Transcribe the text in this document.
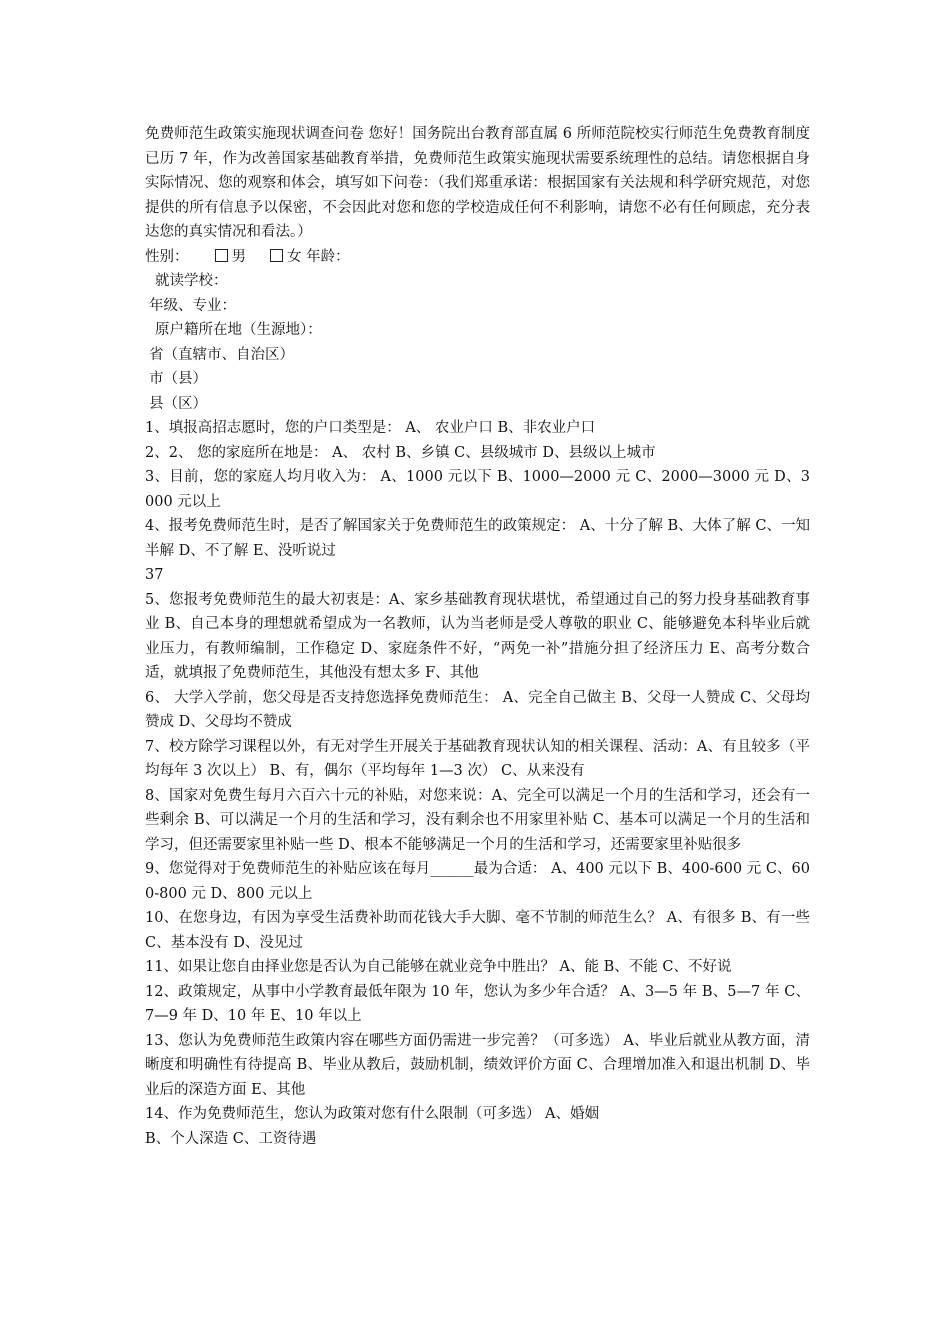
免费师范生政策实施现状调查问卷 您好！国务院出台教育部直属 6 所师范院校实行师范生免费教育制度已历 7 年，作为改善国家基础教育举措，免费师范生政策实施现状需要系统理性的总结。请您根据自身实际情况、您的观察和体会，填写如下问卷：（我们郑重承诺：根据国家有关法规和科学研究规范，对您提供的所有信息予以保密，不会因此对您和您的学校造成任何不利影响，请您不必有任何顾虑，充分表达您的真实情况和看法。）

性别：	男	女 年龄：

就读学校：

年级、专业：

原户籍所在地（生源地）：

省（直辖市、自治区）

市（县）

县（区）

1、填报高招志愿时，您的户口类型是： A、 农业户口 B、非农业户口

2、2、 您的家庭所在地是： A、 农村 B、乡镇 C、县级城市 D、县级以上城市

3、目前，您的家庭人均月收入为： A、1000 元以下 B、1000—2000 元 C、2000—3000 元 D、3000 元以上

4、报考免费师范生时，是否了解国家关于免费师范生的政策规定： A、十分了解 B、大体了解 C、一知半解 D、不了解 E、没听说过

37

5、您报考免费师范生的最大初衷是：A、家乡基础教育现状堪忧，希望通过自己的努力投身基础教育事业 B、自己本身的理想就希望成为一名教师，认为当老师是受人尊敬的职业 C、能够避免本科毕业后就业压力，有教师编制，工作稳定 D、家庭条件不好，“两免一补”措施分担了经济压力 E、高考分数合适，就填报了免费师范生，其他没有想太多 F、其他

6、 大学入学前，您父母是否支持您选择免费师范生： A、完全自己做主 B、父母一人赞成 C、父母均赞成 D、父母均不赞成

7、校方除学习课程以外，有无对学生开展关于基础教育现状认知的相关课程、活动：A、有且较多（平均每年 3 次以上） B、有，偶尔（平均每年 1—3 次） C、从来没有

8、国家对免费生每月六百六十元的补贴，对您来说：A、完全可以满足一个月的生活和学习，还会有一些剩余 B、可以满足一个月的生活和学习，没有剩余也不用家里补贴 C、基本可以满足一个月的生活和学习，但还需要家里补贴一些 D、根本不能够满足一个月的生活和学习，还需要家里补贴很多

9、您觉得对于免费师范生的补贴应该在每月______最为合适： A、400 元以下 B、400-600 元 C、600-800 元 D、800 元以上

10、在您身边，有因为享受生活费补助而花钱大手大脚、毫不节制的师范生么？ A、有很多 B、有一些 C、基本没有 D、没见过

11、如果让您自由择业您是否认为自己能够在就业竞争中胜出？ A、能 B、不能 C、不好说

12、政策规定，从事中小学教育最低年限为 10 年，您认为多少年合适？ A、3—5 年 B、5—7 年 C、7—9 年 D、10 年 E、10 年以上

13、您认为免费师范生政策内容在哪些方面仍需进一步完善？（可多选） A、毕业后就业从教方面，清晰度和明确性有待提高 B、毕业从教后，鼓励机制，绩效评价方面 C、合理增加准入和退出机制 D、毕业后的深造方面 E、其他

14、作为免费师范生，您认为政策对您有什么限制（可多选） A、婚姻

B、个人深造 C、工资待遇
